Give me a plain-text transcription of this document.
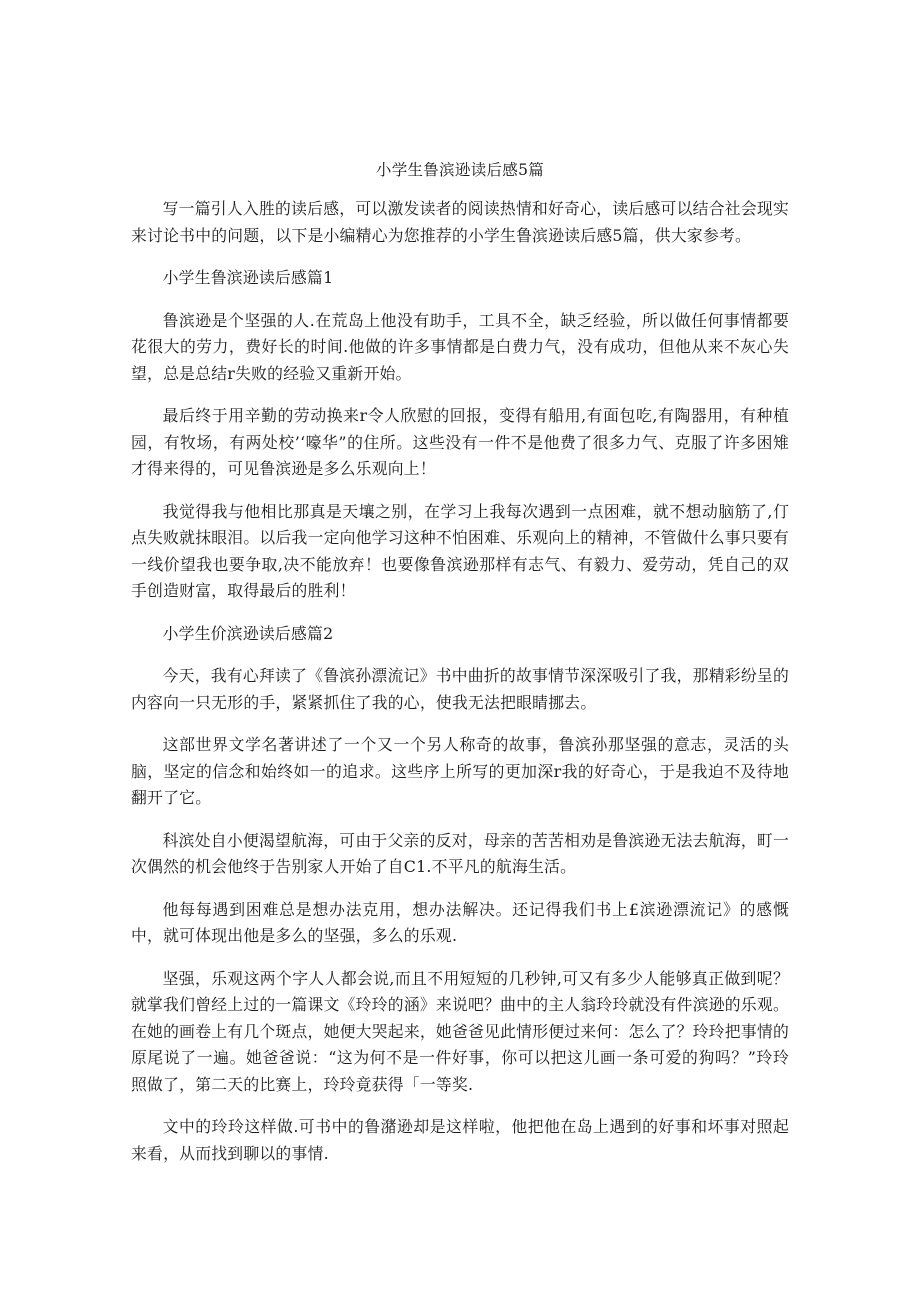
小学生鲁滨逊读后感5篇

写一篇引人入胜的读后感，可以激发读者的阅读热情和好奇心，读后感可以结合社会现实来讨论书中的问题，以下是小编精心为您推荐的小学生鲁滨逊读后感5篇，供大家参考。

小学生鲁滨逊读后感篇1

鲁滨逊是个坚强的人.在荒岛上他没有助手，工具不全，缺乏经验，所以做任何事情都要花很大的劳力，费好长的时间.他做的许多事情都是白费力气，没有成功，但他从来不灰心失望，总是总结r失败的经验又重新开始。

最后终于用辛勤的劳动换来r令人欣慰的回报，变得有船用,有面包吃,有陶器用，有种植园，有牧场，有两处校’‘嚎华”的住所。这些没有一件不是他费了很多力气、克服了许多困雉才得来得的，可见鲁滨逊是多么乐观向上！

我觉得我与他相比那真是天壤之别，在学习上我每次遇到一点困难，就不想动脑筋了,仃点失败就抹眼泪。以后我一定向他学习这种不怕困难、乐观向上的精神，不管做什么事只要有一线价望我也要争取,决不能放弃！也要像鲁滨逊那样有志气、有毅力、爱劳动，凭自己的双手创造财富，取得最后的胜利！

小学生价滨逊读后感篇2

今天，我有心拜读了《鲁滨孙漂流记》书中曲折的故事情节深深吸引了我，那精彩纷呈的内容向一只无形的手，紧紧抓住了我的心，使我无法把眼睛挪去。

这部世界文学名著讲述了一个又一个另人称奇的故事，鲁滨孙那坚强的意志，灵活的头脑，坚定的信念和始终如一的追求。这些序上所写的更加深r我的好奇心，于是我迫不及待地翻开了它。

科滨处自小便渴望航海，可由于父亲的反对，母亲的苦苦相劝是鲁滨逊无法去航海，町一次偶然的机会他终于告别家人开始了自C1.不平凡的航海生活。

他每每遇到困难总是想办法克用，想办法解决。还记得我们书上£滨逊漂流记》的感慨中，就可体现出他是多么的坚强，多么的乐观.

坚强，乐观这两个字人人都会说,而且不用短短的几秒钟,可又有多少人能够真正做到呢？就掌我们曾经上过的一篇课文《玲玲的涵》来说吧？曲中的主人翁玲玲就没有件滨逊的乐观。在她的画卷上有几个斑点，她便大哭起来，她爸爸见此情形便过来何：怎么了？玲玲把事情的原尾说了一遍。她爸爸说：“这为何不是一件好事，你可以把这儿画一条可爱的狗吗？”玲玲照做了，第二天的比赛上，玲玲竟获得「一等奖.

文中的玲玲这样做.可书中的鲁潴逊却是这样啦，他把他在岛上遇到的好事和坏事对照起来看，从而找到聊以的事情.
